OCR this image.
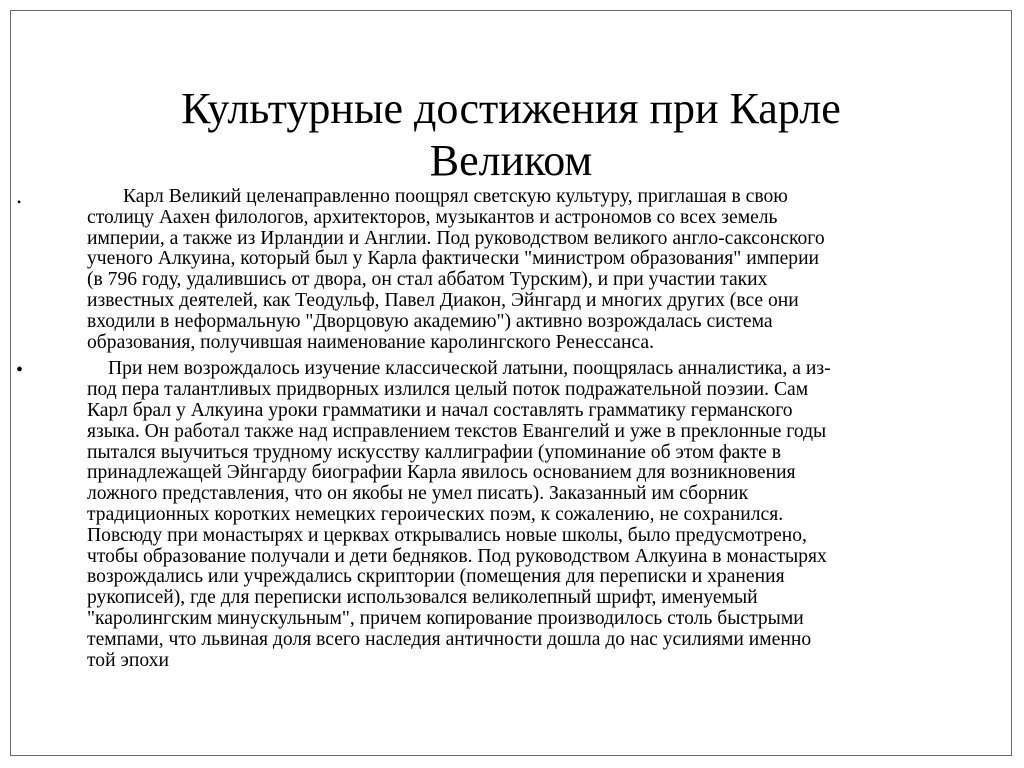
Культурные достижения при Карле
Великом
•	Карл Великий целенаправленно поощрял светскую культуру, приглашая в свою
столицу Аахен филологов, архитекторов, музыкантов и астрономов со всех земель
империи, а также из Ирландии и Англии. Под руководством великого англо-саксонского
ученого Алкуина, который был у Карла фактически "министром образования" империи
(в 796 году, удалившись от двора, он стал аббатом Турским), и при участии таких
известных деятелей, как Теодульф, Павел Диакон, Эйнгард и многих других (все они
входили в неформальную "Дворцовую академию") активно возрождалась система
образования, получившая наименование каролингского Ренессанса.

•	При нем возрождалось изучение классической латыни, поощрялась анналистика, а из-
под пера талантливых придворных излился целый поток подражательной поэзии. Сам
Карл брал у Алкуина уроки грамматики и начал составлять грамматику германского
языка. Он работал также над исправлением текстов Евангелий и уже в преклонные годы
пытался выучиться трудному искусству каллиграфии (упоминание об этом факте в
принадлежащей Эйнгарду биографии Карла явилось основанием для возникновения
ложного представления, что он якобы не умел писать). Заказанный им сборник
традиционных коротких немецких героических поэм, к сожалению, не сохранился.
Повсюду при монастырях и церквах открывались новые школы, было предусмотрено,
чтобы образование получали и дети бедняков. Под руководством Алкуина в монастырях
возрождались или учреждались скриптории (помещения для переписки и хранения
рукописей), где для переписки использовался великолепный шрифт, именуемый
"каролингским минускульным", причем копирование производилось столь быстрыми
темпами, что львиная доля всего наследия античности дошла до нас усилиями именно
той эпохи
